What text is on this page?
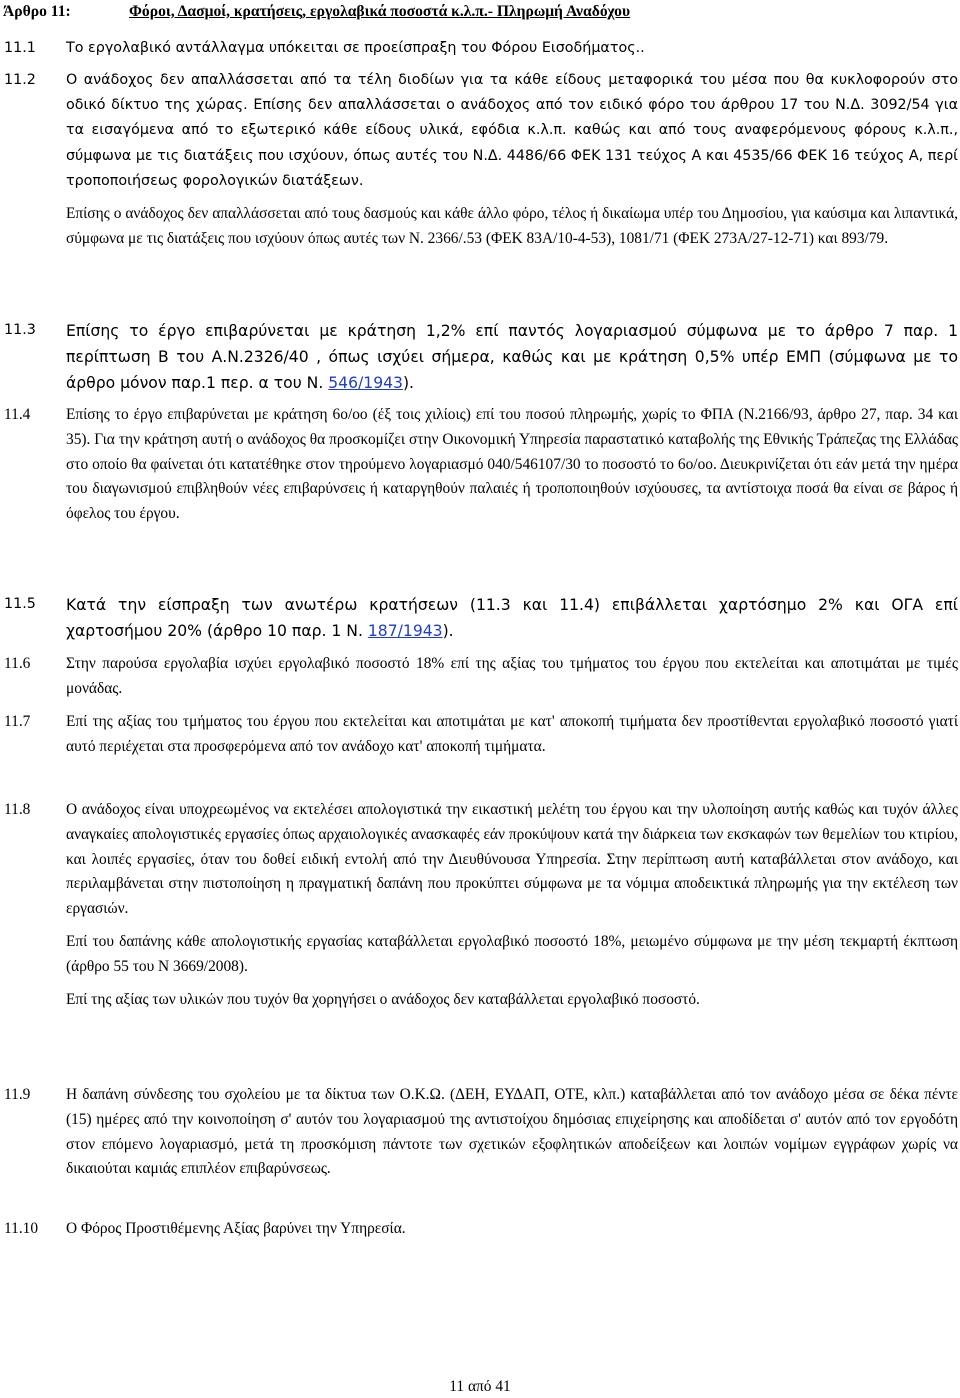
Άρθρο 11:	Φόροι, Δασμοί, κρατήσεις, εργολαβικά ποσοστά κ.λ.π.- Πληρωμή Αναδόχου
11.1 Το εργολαβικό αντάλλαγμα υπόκειται σε προείσπραξη του Φόρου Εισοδήματος..

11.2 Ο ανάδοχος δεν απαλλάσσεται από τα τέλη διοδίων για τα κάθε είδους μεταφορικά του μέσα που θα κυκλοφορούν στο οδικό δίκτυο της χώρας. Επίσης δεν απαλλάσσεται ο ανάδοχος από τον ειδικό φόρο του άρθρου 17 του Ν.Δ. 3092/54 για τα εισαγόμενα από το εξωτερικό κάθε είδους υλικά, εφόδια κ.λ.π. καθώς και από τους αναφερόμενους φόρους κ.λ.π., σύμφωνα με τις διατάξεις που ισχύουν, όπως αυτές του Ν.Δ. 4486/66 ΦΕΚ 131 τεύχος Α και 4535/66 ΦΕΚ 16 τεύχος Α, περί τροποποιήσεως φορολογικών διατάξεων.

Επίσης ο ανάδοχος δεν απαλλάσσεται από τους δασμούς και κάθε άλλο φόρο, τέλος ή δικαίωμα υπέρ του Δημοσίου, για καύσιμα και λιπαντικά, σύμφωνα με τις διατάξεις που ισχύουν όπως αυτές των Ν. 2366/.53 (ΦΕΚ 83Α/10-4-53), 1081/71 (ΦΕΚ 273Α/27-12-71) και 893/79.

11.3 Επίσης το έργο επιβαρύνεται με κράτηση 1,2% επί παντός λογαριασμού σύμφωνα με το άρθρο 7 παρ. 1 περίπτωση Β του Α.Ν.2326/40 , όπως ισχύει σήμερα, καθώς και με κράτηση 0,5% υπέρ ΕΜΠ (σύμφωνα με το άρθρο μόνον παρ.1 περ. α του Ν. 546/1943).

11.4 Επίσης το έργο επιβαρύνεται με κράτηση 6ο/οο (έξ τοις χιλίοις) επί του ποσού πληρωμής, χωρίς το ΦΠΑ (Ν.2166/93, άρθρο 27, παρ. 34 και 35). Για την κράτηση αυτή ο ανάδοχος θα προσκομίζει στην Οικονομική Υπηρεσία παραστατικό καταβολής της Εθνικής Τράπεζας της Ελλάδας στο οποίο θα φαίνεται ότι κατατέθηκε στον τηρούμενο λογαριασμό 040/546107/30 το ποσοστό το 6ο/οο. Διευκρινίζεται ότι εάν μετά την ημέρα του διαγωνισμού επιβληθούν νέες επιβαρύνσεις ή καταργηθούν παλαιές ή τροποποιηθούν ισχύουσες, τα αντίστοιχα ποσά θα είναι σε βάρος ή όφελος του έργου.

11.5 Κατά την είσπραξη των ανωτέρω κρατήσεων (11.3 και 11.4) επιβάλλεται χαρτόσημο 2% και ΟΓΑ επί χαρτοσήμου 20% (άρθρο 10 παρ. 1 Ν. 187/1943).

11.6 Στην παρούσα εργολαβία ισχύει εργολαβικό ποσοστό 18% επί της αξίας του τμήματος του έργου που εκτελείται και αποτιμάται με τιμές μονάδας.

11.7 Επί της αξίας του τμήματος του έργου που εκτελείται και αποτιμάται με κατ' αποκοπή τιμήματα δεν προστίθενται εργολαβικό ποσοστό γιατί αυτό περιέχεται στα προσφερόμενα από τον ανάδοχο κατ' αποκοπή τιμήματα.

11.8 Ο ανάδοχος είναι υποχρεωμένος να εκτελέσει απολογιστικά την εικαστική μελέτη του έργου και την υλοποίηση αυτής καθώς και τυχόν άλλες αναγκαίες απολογιστικές εργασίες όπως αρχαιολογικές ανασκαφές εάν προκύψουν κατά την διάρκεια των εκσκαφών των θεμελίων του κτιρίου, και λοιπές εργασίες, όταν του δοθεί ειδική εντολή από την Διευθύνουσα Υπηρεσία. Στην περίπτωση αυτή καταβάλλεται στον ανάδοχο, και περιλαμβάνεται στην πιστοποίηση η πραγματική δαπάνη που προκύπτει σύμφωνα με τα νόμιμα αποδεικτικά πληρωμής για την εκτέλεση των εργασιών.

Επί του δαπάνης κάθε απολογιστικής εργασίας καταβάλλεται εργολαβικό ποσοστό 18%, μειωμένο σύμφωνα με την μέση τεκμαρτή έκπτωση (άρθρο 55 του Ν 3669/2008).

Επί της αξίας των υλικών που τυχόν θα χορηγήσει ο ανάδοχος δεν καταβάλλεται εργολαβικό ποσοστό.

11.9 Η δαπάνη σύνδεσης του σχολείου με τα δίκτυα των Ο.Κ.Ω. (ΔΕΗ, ΕΥΔΑΠ, ΟΤΕ, κλπ.) καταβάλλεται από τον ανάδοχο μέσα σε δέκα πέντε (15) ημέρες από την κοινοποίηση σ' αυτόν του λογαριασμού της αντιστοίχου δημόσιας επιχείρησης και αποδίδεται σ' αυτόν από τον εργοδότη στον επόμενο λογαριασμό, μετά τη προσκόμιση πάντοτε των σχετικών εξοφλητικών αποδείξεων και λοιπών νομίμων εγγράφων χωρίς να δικαιούται καμιάς επιπλέον επιβαρύνσεως.

11.10 Ο Φόρος Προστιθέμενης Αξίας βαρύνει την Υπηρεσία.

11 από 41
